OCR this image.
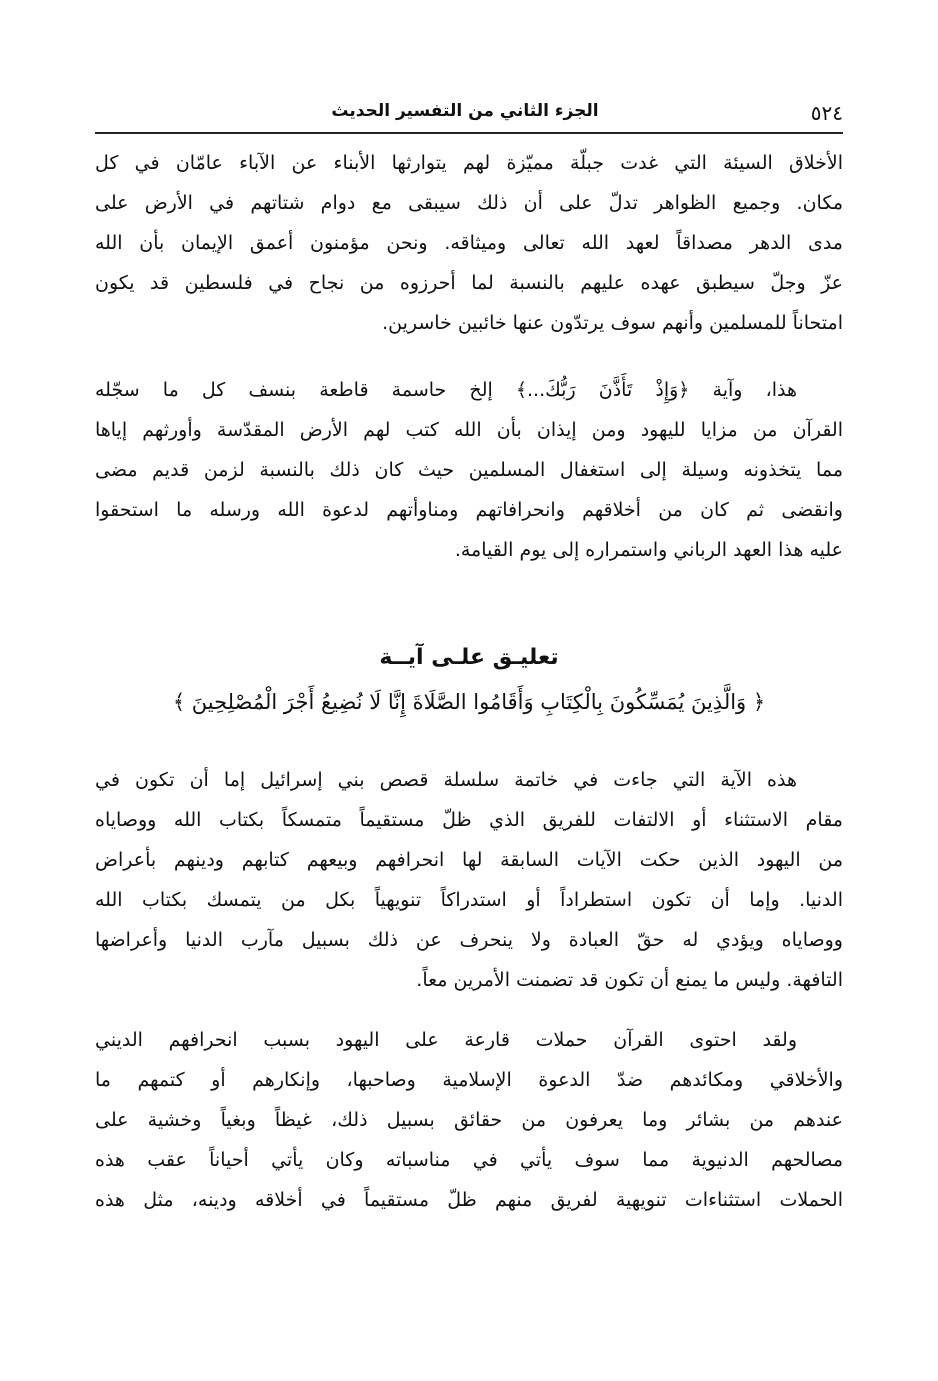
٥٢٤
الجزء الثاني من التفسير الحديث
الأخلاق السيئة التي غدت جبلّة مميّزة لهم يتوارثها الأبناء عن الآباء عامّان في كل
مكان. وجميع الظواهر تدلّ على أن ذلك سيبقى مع دوام شتاتهم في الأرض على
مدى الدهر مصداقاً لعهد الله تعالى وميثاقه. ونحن مؤمنون أعمق الإيمان بأن الله
عزّ وجلّ سيطبق عهده عليهم بالنسبة لما أحرزوه من نجاح في فلسطين قد يكون
امتحاناً للمسلمين وأنهم سوف يرتدّون عنها خائبين خاسرين.
هذا، وآية ﴿وَإِذْ تَأَذَّنَ رَبُّكَ...﴾ إلخ حاسمة قاطعة بنسف كل ما سجّله
القرآن من مزايا لليهود ومن إيذان بأن الله كتب لهم الأرض المقدّسة وأورثهم إياها
مما يتخذونه وسيلة إلى استغفال المسلمين حيث كان ذلك بالنسبة لزمن قديم مضى
وانقضى ثم كان من أخلاقهم وانحرافاتهم ومناوأتهم لدعوة الله ورسله ما استحقوا
عليه هذا العهد الرباني واستمراره إلى يوم القيامة.
تعليـق علـى آيــة
﴿ وَالَّذِينَ يُمَسِّكُونَ بِالْكِتَابِ وَأَقَامُوا الصَّلَاةَ إِنَّا لَا نُضِيعُ أَجْرَ الْمُصْلِحِينَ ﴾
هذه الآية التي جاءت في خاتمة سلسلة قصص بني إسرائيل إما أن تكون في
مقام الاستثناء أو الالتفات للفريق الذي ظلّ مستقيماً متمسكاً بكتاب الله ووصاياه
من اليهود الذين حكت الآيات السابقة لها انحرافهم وبيعهم كتابهم ودينهم بأعراض
الدنيا. وإما أن تكون استطراداً أو استدراكاً تنويهياً بكل من يتمسك بكتاب الله
ووصاياه ويؤدي له حقّ العبادة ولا ينحرف عن ذلك بسبيل مآرب الدنيا وأعراضها
التافهة. وليس ما يمنع أن تكون قد تضمنت الأمرين معاً.
ولقد احتوى القرآن حملات قارعة على اليهود بسبب انحرافهم الديني
والأخلاقي ومكائدهم ضدّ الدعوة الإسلامية وصاحبها، وإنكارهم أو كتمهم ما
عندهم من بشائر وما يعرفون من حقائق بسبيل ذلك، غيظاً وبغياً وخشية على
مصالحهم الدنيوية مما سوف يأتي في مناسباته وكان يأتي أحياناً عقب هذه
الحملات استثناءات تنويهية لفريق منهم ظلّ مستقيماً في أخلاقه ودينه، مثل هذه
